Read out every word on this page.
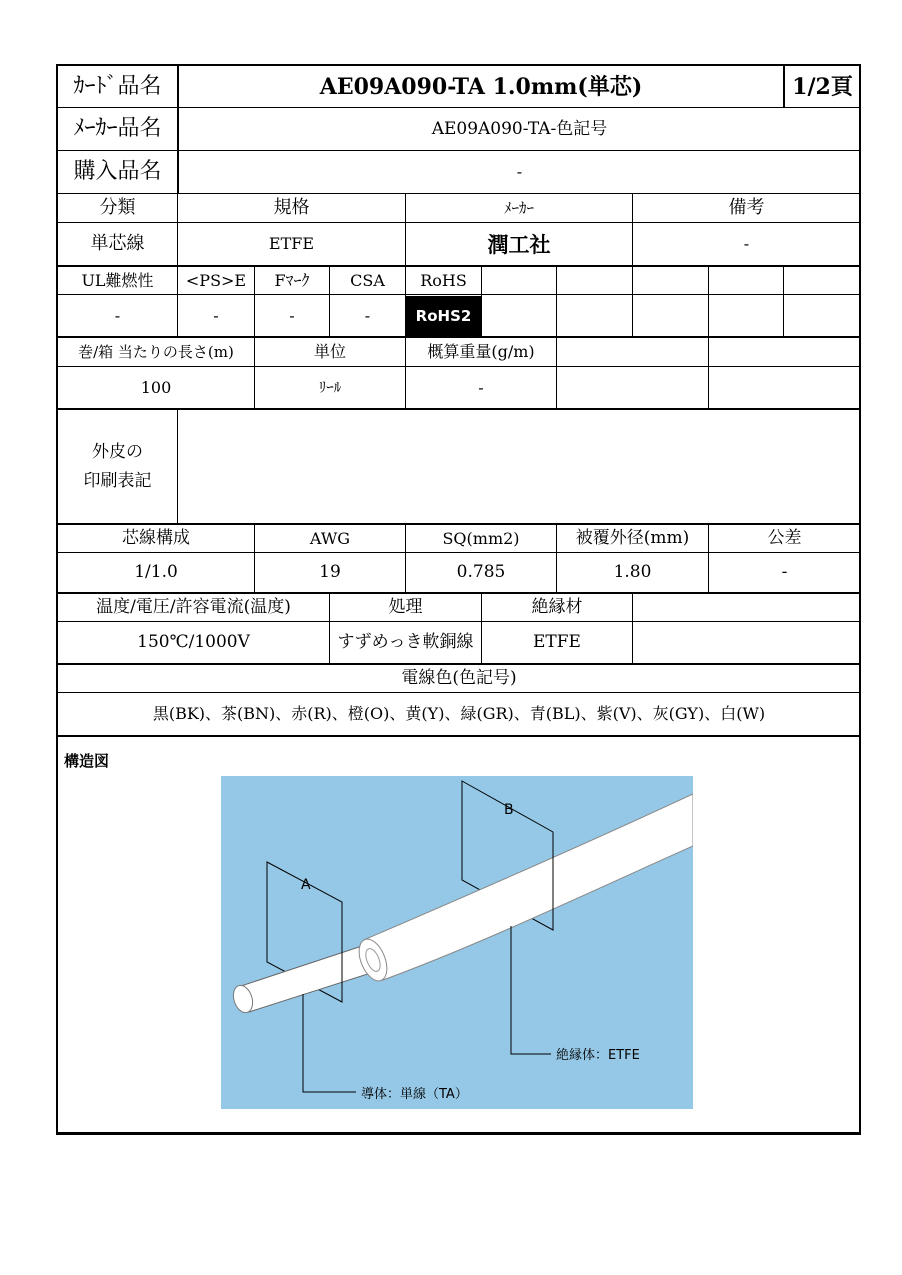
ｶｰﾄﾞ品名	AE09A090-TA 1.0mm(単芯)	1/2頁
ﾒｰｶｰ品名	AE09A090-TA-色記号
購入品名	-
分類	規格	ﾒｰｶｰ	備考
単芯線	ETFE	潤工社	-
UL難燃性	<PS>E	Fﾏｰｸ	CSA	RoHS
-	-	-	-	RoHS2
巻/箱 当たりの長さ(m)	単位	概算重量(g/m)
100	ﾘｰﾙ	-
外皮の
印刷表記
芯線構成	AWG	SQ(mm2)	被覆外径(mm)	公差
1/1.0	19	0.785	1.80	-
温度/電圧/許容電流(温度)	処理	絶縁材
150℃/1000V	すずめっき軟銅線	ETFE
電線色(色記号)
黒(BK)、茶(BN)、赤(R)、橙(O)、黄(Y)、緑(GR)、青(BL)、紫(V)、灰(GY)、白(W)
構造図
A
B
導体：単線（TA）
絶縁体：ETFE
